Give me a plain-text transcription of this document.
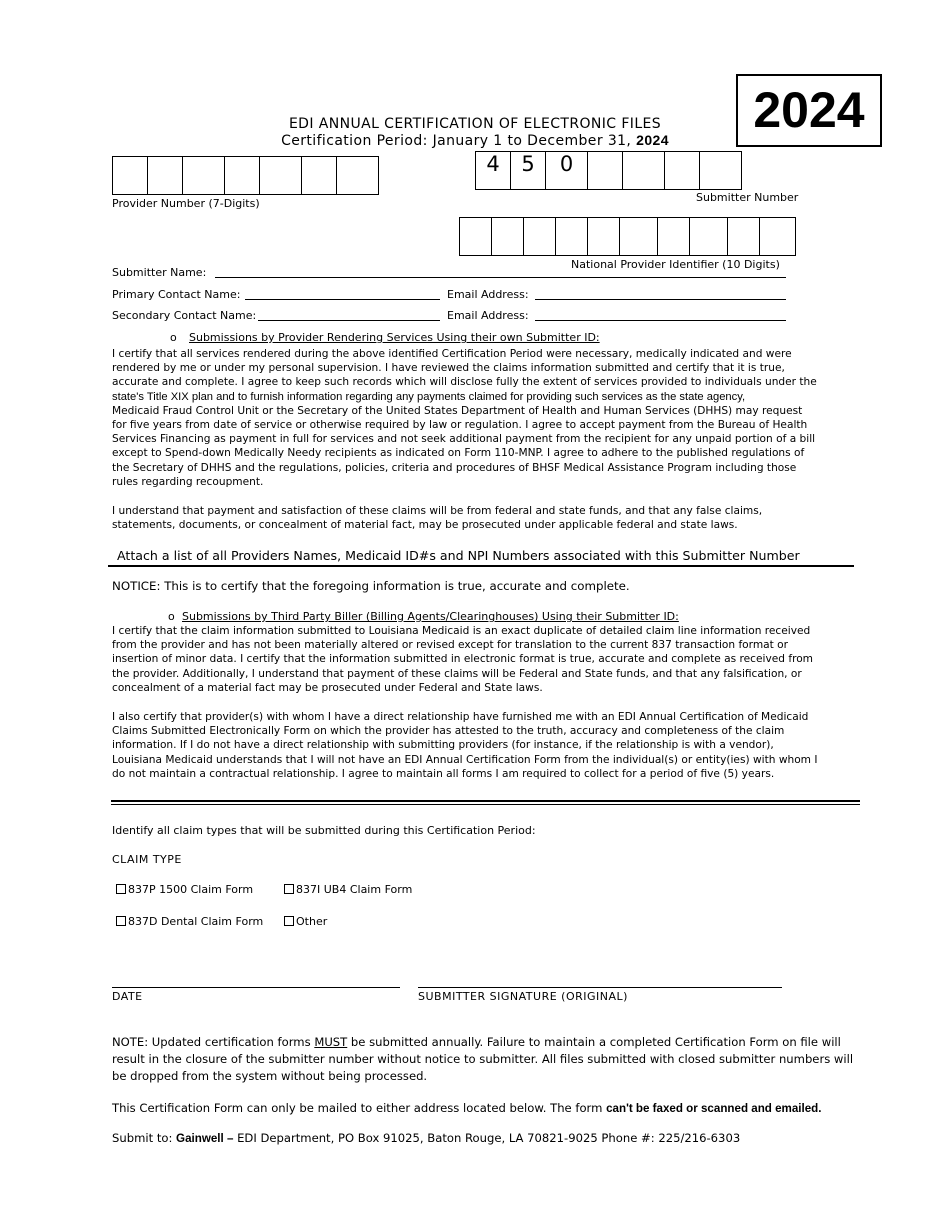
2024
EDI ANNUAL CERTIFICATION OF ELECTRONIC FILES
Certification Period: January 1 to December 31, 2024
Provider Number (7-Digits)
4	5	0
Submitter Number
National Provider Identifier (10 Digits)
Submitter Name:
Primary Contact Name:	Email Address:
Secondary Contact Name:	Email Address:
o Submissions by Provider Rendering Services Using their own Submitter ID:
I certify that all services rendered during the above identified Certification Period were necessary, medically indicated and were
rendered by me or under my personal supervision. I have reviewed the claims information submitted and certify that it is true,
accurate and complete. I agree to keep such records which will disclose fully the extent of services provided to individuals under the
state's Title XIX plan and to furnish information regarding any payments claimed for providing such services as the state agency,
Medicaid Fraud Control Unit or the Secretary of the United States Department of Health and Human Services (DHHS) may request
for five years from date of service or otherwise required by law or regulation. I agree to accept payment from the Bureau of Health
Services Financing as payment in full for services and not seek additional payment from the recipient for any unpaid portion of a bill
except to Spend-down Medically Needy recipients as indicated on Form 110-MNP. I agree to adhere to the published regulations of
the Secretary of DHHS and the regulations, policies, criteria and procedures of BHSF Medical Assistance Program including those
rules regarding recoupment.
I understand that payment and satisfaction of these claims will be from federal and state funds, and that any false claims,
statements, documents, or concealment of material fact, may be prosecuted under applicable federal and state laws.
Attach a list of all Providers Names, Medicaid ID#s and NPI Numbers associated with this Submitter Number
NOTICE: This is to certify that the foregoing information is true, accurate and complete.
o Submissions by Third Party Biller (Billing Agents/Clearinghouses) Using their Submitter ID:
I certify that the claim information submitted to Louisiana Medicaid is an exact duplicate of detailed claim line information received
from the provider and has not been materially altered or revised except for translation to the current 837 transaction format or
insertion of minor data. I certify that the information submitted in electronic format is true, accurate and complete as received from
the provider. Additionally, I understand that payment of these claims will be Federal and State funds, and that any falsification, or
concealment of a material fact may be prosecuted under Federal and State laws.
I also certify that provider(s) with whom I have a direct relationship have furnished me with an EDI Annual Certification of Medicaid
Claims Submitted Electronically Form on which the provider has attested to the truth, accuracy and completeness of the claim
information. If I do not have a direct relationship with submitting providers (for instance, if the relationship is with a vendor),
Louisiana Medicaid understands that I will not have an EDI Annual Certification Form from the individual(s) or entity(ies) with whom I
do not maintain a contractual relationship. I agree to maintain all forms I am required to collect for a period of five (5) years.
Identify all claim types that will be submitted during this Certification Period:
CLAIM TYPE
837P 1500 Claim Form	837I UB4 Claim Form
837D Dental Claim Form	Other
DATE	SUBMITTER SIGNATURE (ORIGINAL)
NOTE: Updated certification forms MUST be submitted annually. Failure to maintain a completed Certification Form on file will
result in the closure of the submitter number without notice to submitter. All files submitted with closed submitter numbers will
be dropped from the system without being processed.
This Certification Form can only be mailed to either address located below. The form can't be faxed or scanned and emailed.
Submit to: Gainwell – EDI Department, PO Box 91025, Baton Rouge, LA 70821-9025 Phone #: 225/216-6303
